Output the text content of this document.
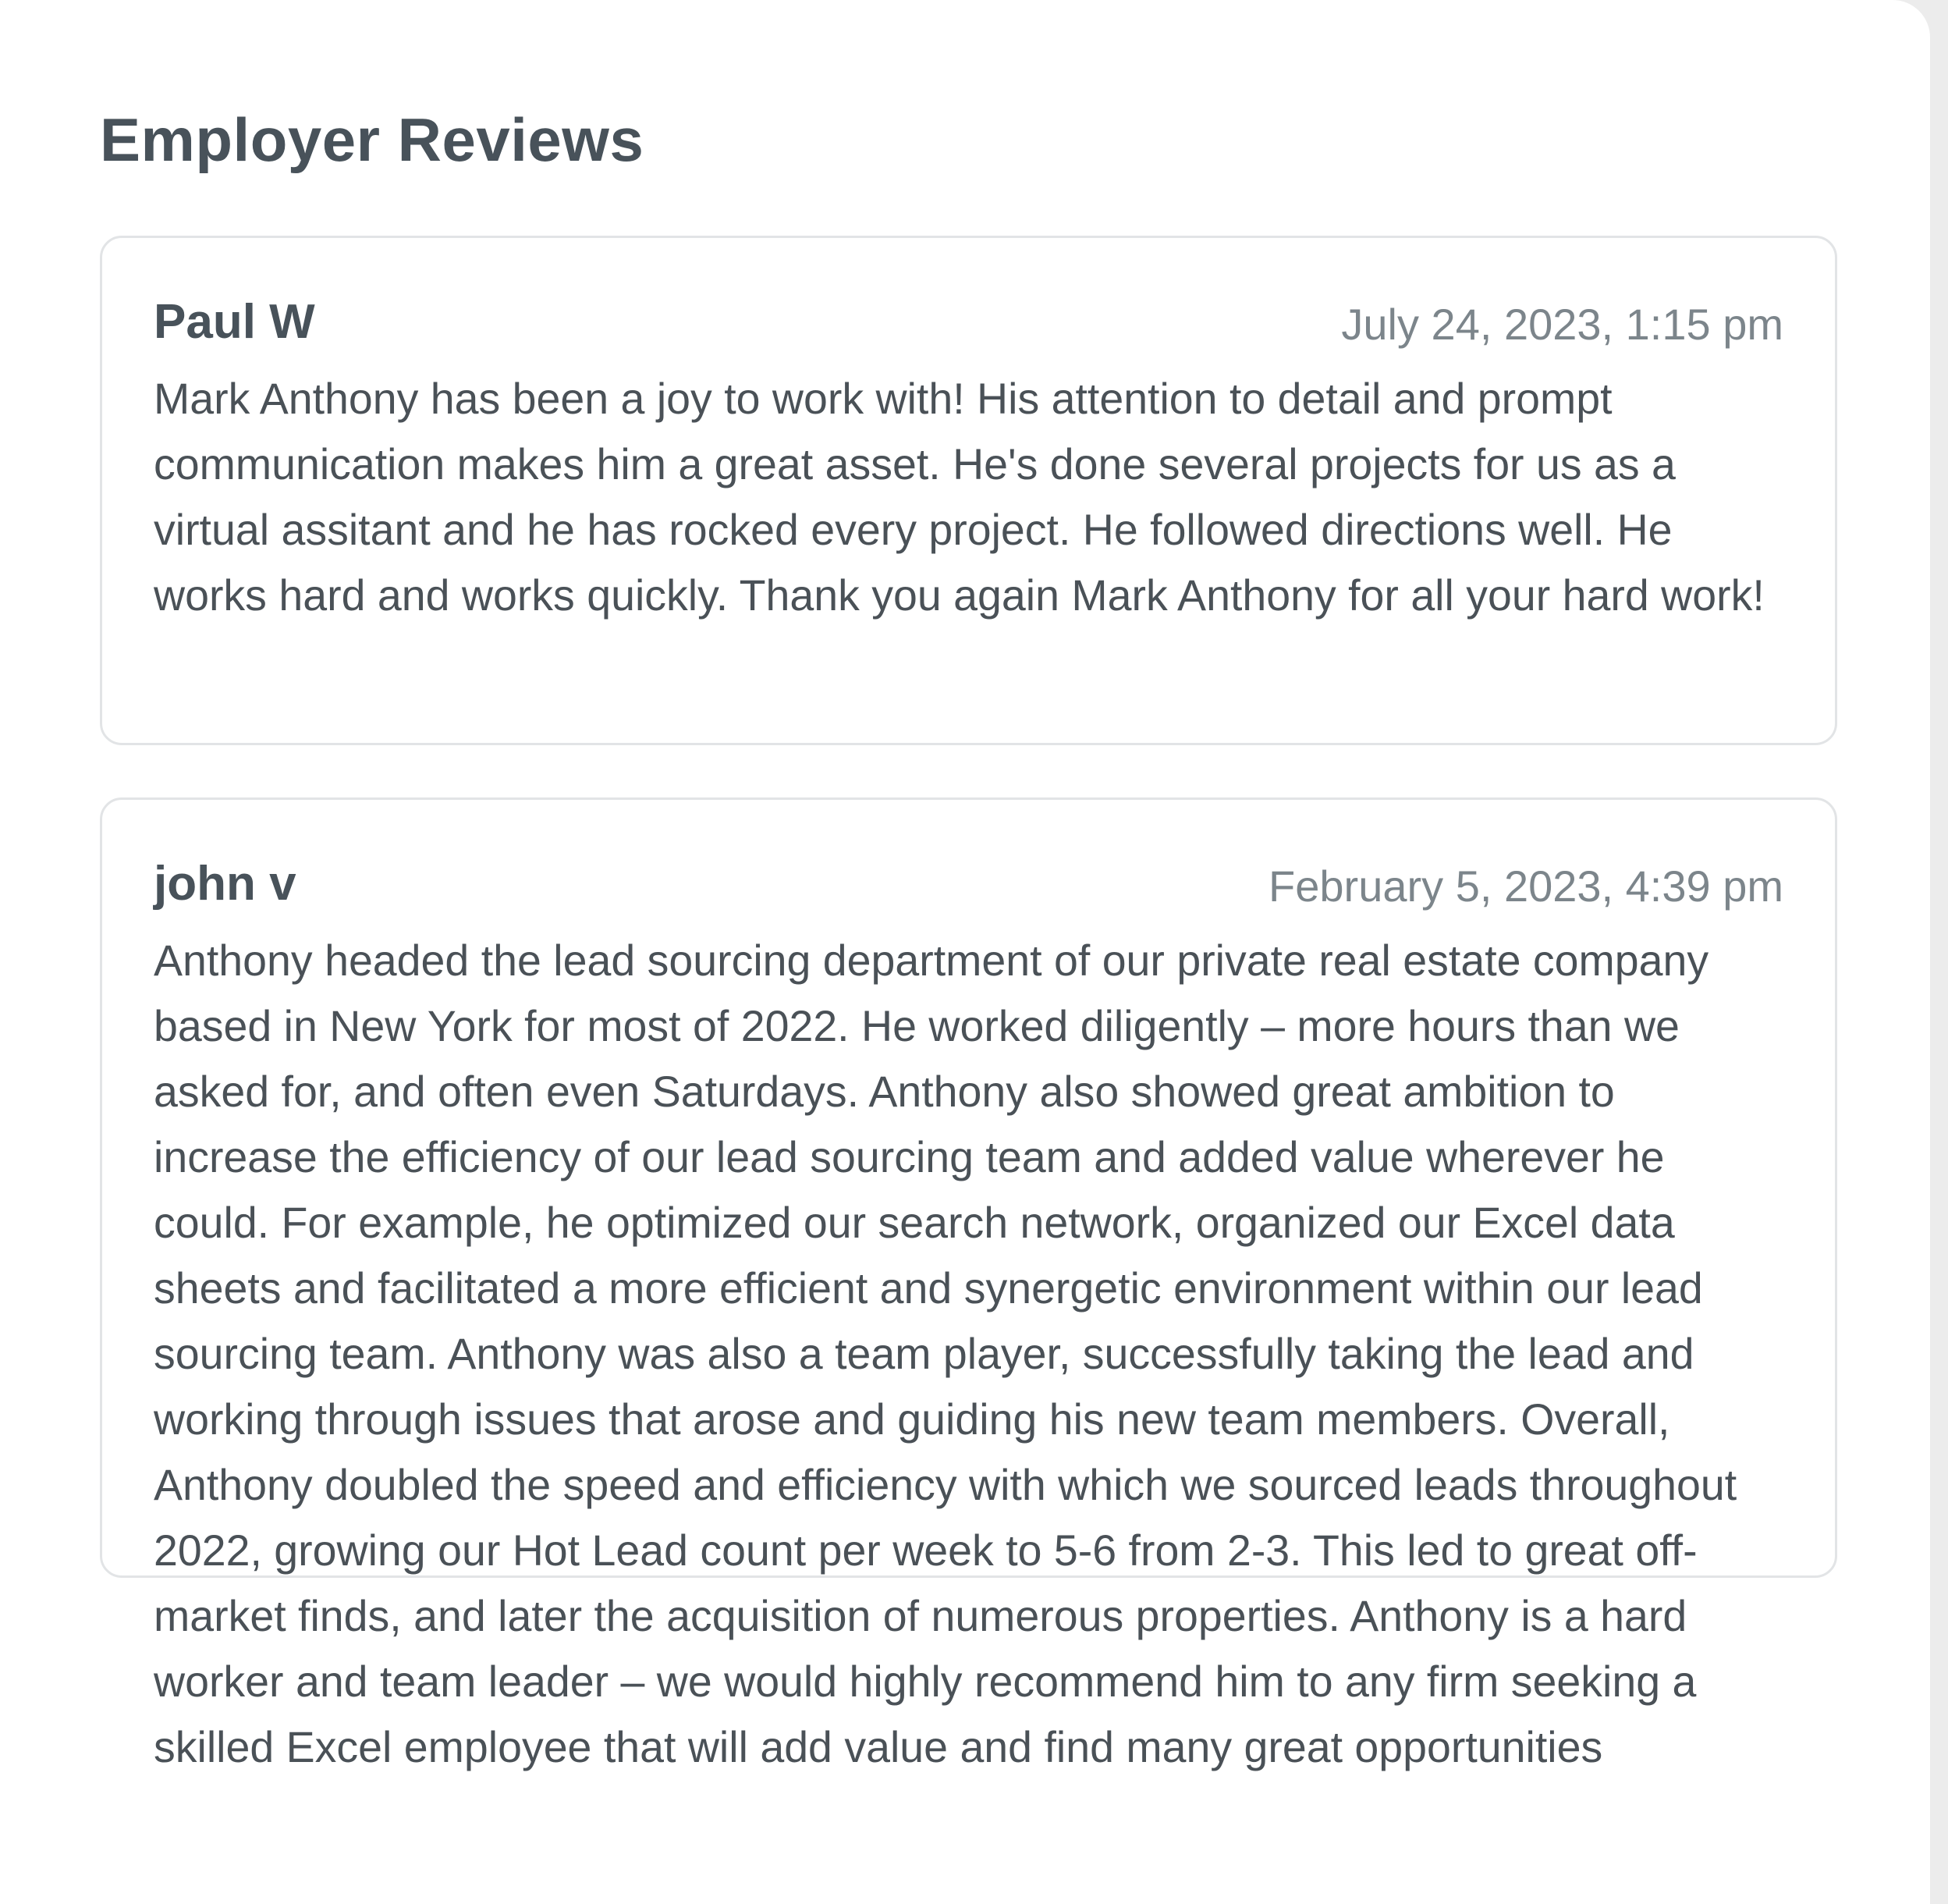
Employer Reviews
Paul W	July 24, 2023, 1:15 pm

Mark Anthony has been a joy to work with! His attention to detail and prompt communication makes him a great asset. He's done several projects for us as a virtual assitant and he has rocked every project. He followed directions well. He works hard and works quickly. Thank you again Mark Anthony for all your hard work!

john v	February 5, 2023, 4:39 pm

Anthony headed the lead sourcing department of our private real estate company based in New York for most of 2022. He worked diligently – more hours than we asked for, and often even Saturdays. Anthony also showed great ambition to increase the efficiency of our lead sourcing team and added value wherever he could. For example, he optimized our search network, organized our Excel data sheets and facilitated a more efficient and synergetic environment within our lead sourcing team. Anthony was also a team player, successfully taking the lead and working through issues that arose and guiding his new team members. Overall, Anthony doubled the speed and efficiency with which we sourced leads throughout 2022, growing our Hot Lead count per week to 5-6 from 2-3. This led to great off-market finds, and later the acquisition of numerous properties. Anthony is a hard worker and team leader – we would highly recommend him to any firm seeking a skilled Excel employee that will add value and find many great opportunities
